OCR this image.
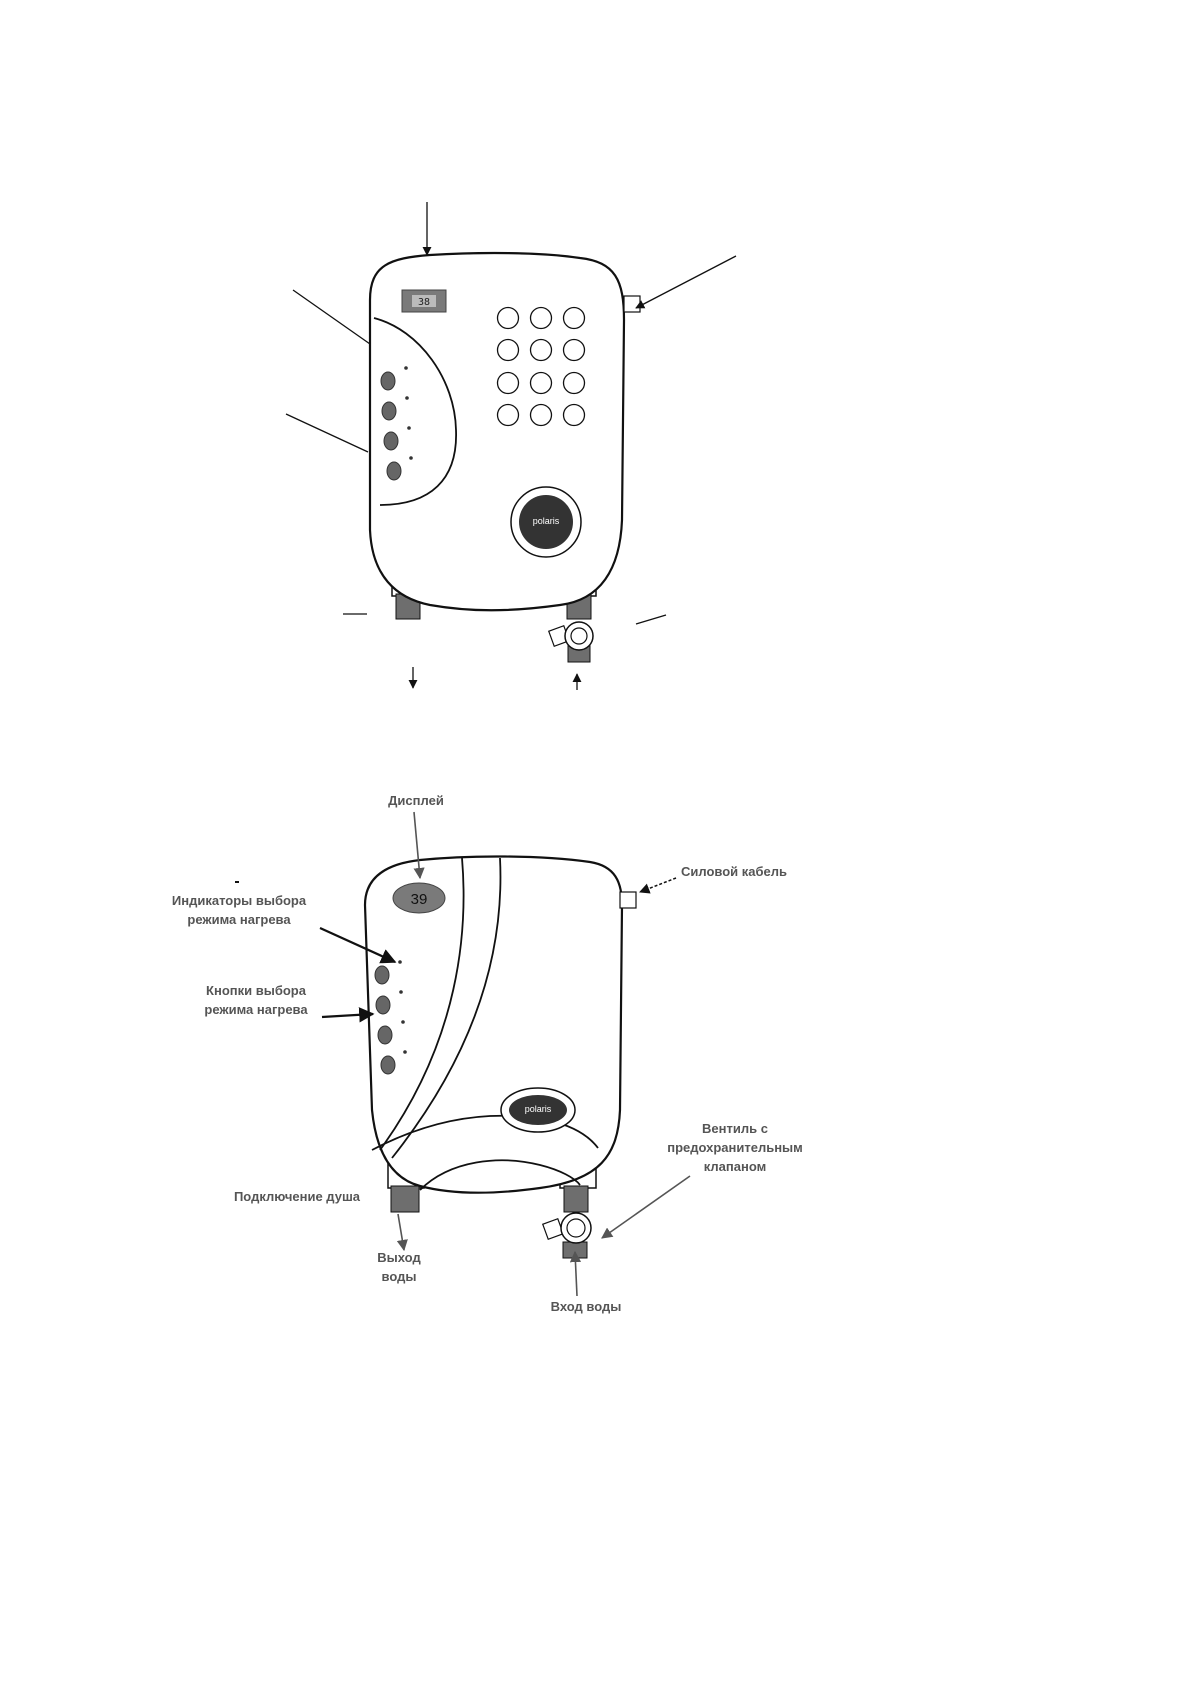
38
polaris
39
polaris
Дисплей
Силовой кабель
Индикаторы выбора
режима нагрева
Кнопки выбора
режима нагрева
Вентиль с
предохранительным
клапаном
Подключение душа
Выход
воды
Вход воды
